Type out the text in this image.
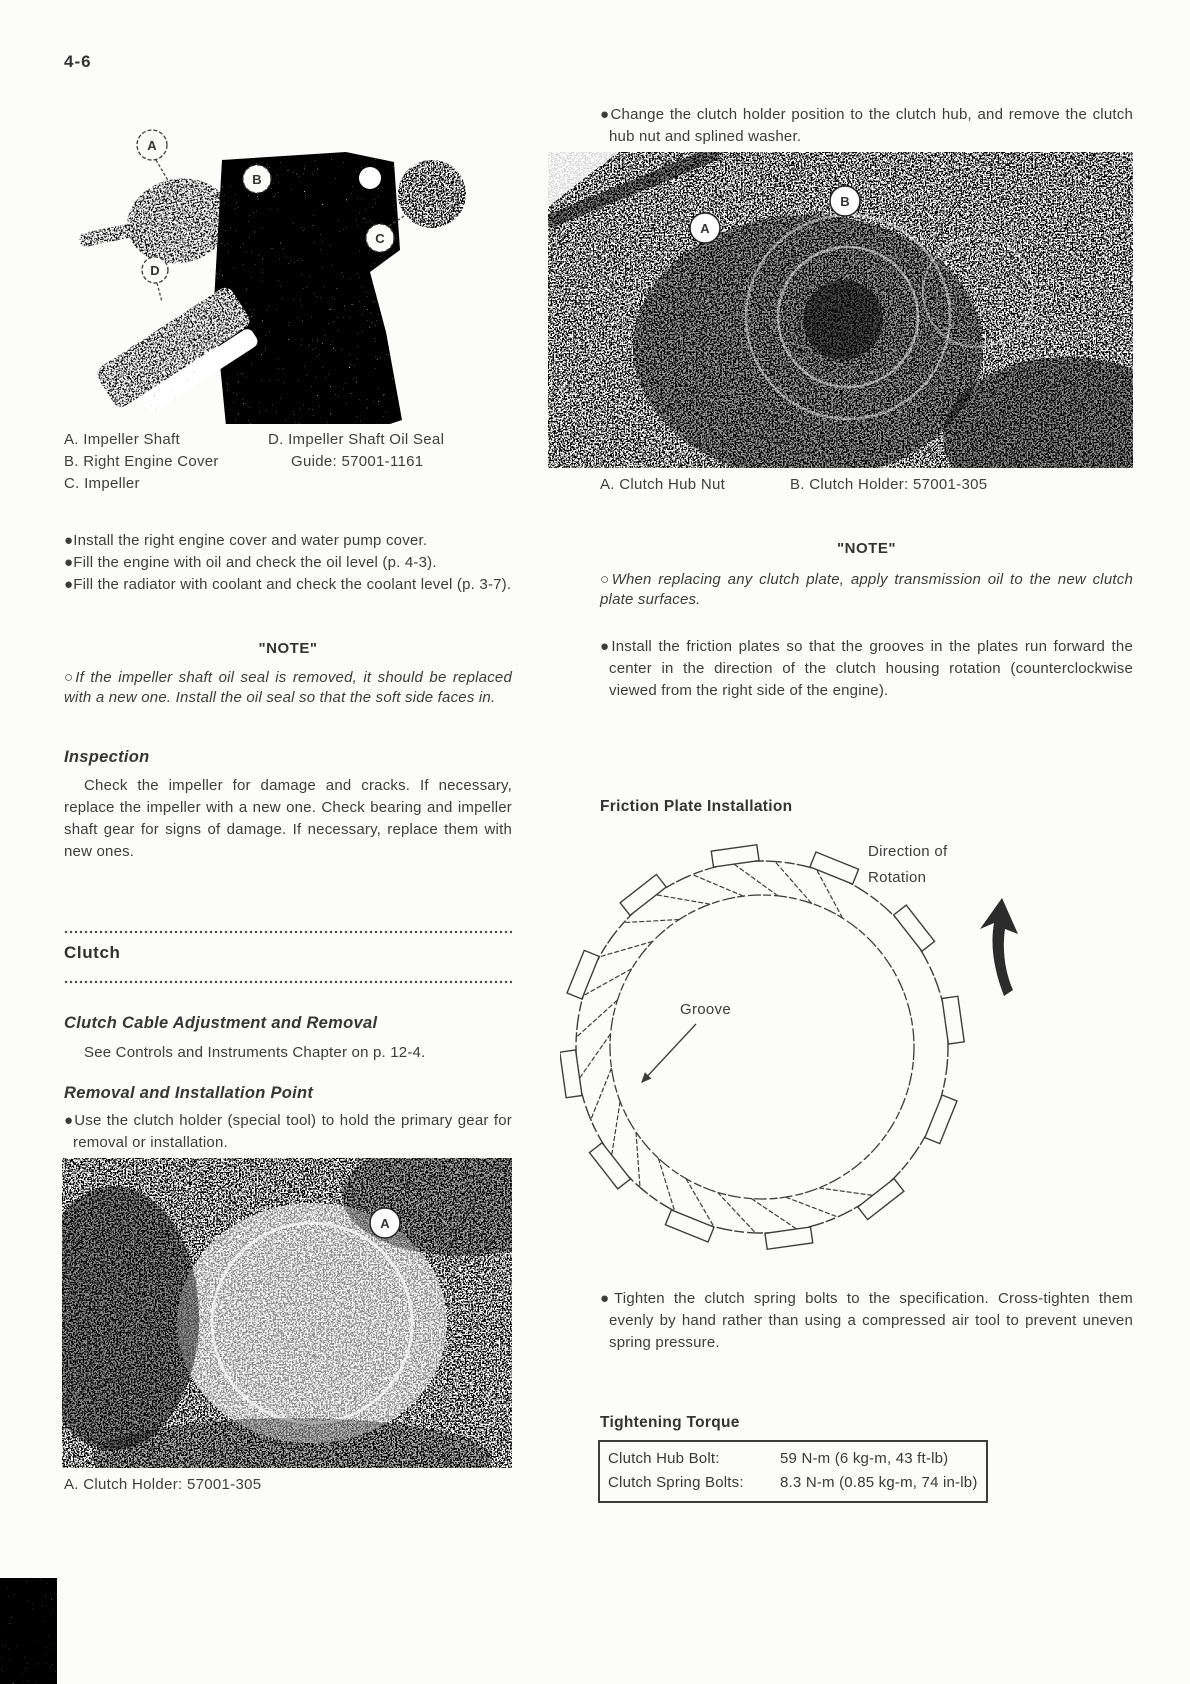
4-6
A
B
C
D
A. Impeller Shaft
B. Right Engine Cover
C. Impeller
D. Impeller Shaft Oil Seal
Guide: 57001-1161

●Install the right engine cover and water pump cover.

●Fill the engine with oil and check the oil level (p. 4-3).

●Fill the radiator with coolant and check the coolant level (p. 3-7).

"NOTE"
○If the impeller shaft oil seal is removed, it should be replaced with a new one. Install the oil seal so that the soft side faces in.
Inspection
Check the impeller for damage and cracks. If necessary, replace the impeller with a new one. Check bearing and impeller shaft gear for signs of damage. If necessary, replace them with new ones.
Clutch
Clutch Cable Adjustment and Removal
See Controls and Instruments Chapter on p. 12-4.
Removal and Installation Point

●Use the clutch holder (special tool) to hold the primary gear for removal or installation.

A
A. Clutch Holder: 57001-305

●Change the clutch holder position to the clutch hub, and remove the clutch hub nut and splined washer.

A
B
A. Clutch Hub Nut	B. Clutch Holder: 57001-305
"NOTE"
○When replacing any clutch plate, apply transmission oil to the new clutch plate surfaces.

●Install the friction plates so that the grooves in the plates run forward the center in the direction of the clutch housing rotation (counterclockwise viewed from the right side of the engine).

Friction Plate Installation
Direction of
Rotation
Groove

●Tighten the clutch spring bolts to the specification. Cross-tighten them evenly by hand rather than using a compressed air tool to prevent uneven spring pressure.

Tightening Torque
Clutch Hub Bolt:	59 N-m (6 kg-m, 43 ft-lb)
Clutch Spring Bolts:	8.3 N-m (0.85 kg-m, 74 in-lb)
